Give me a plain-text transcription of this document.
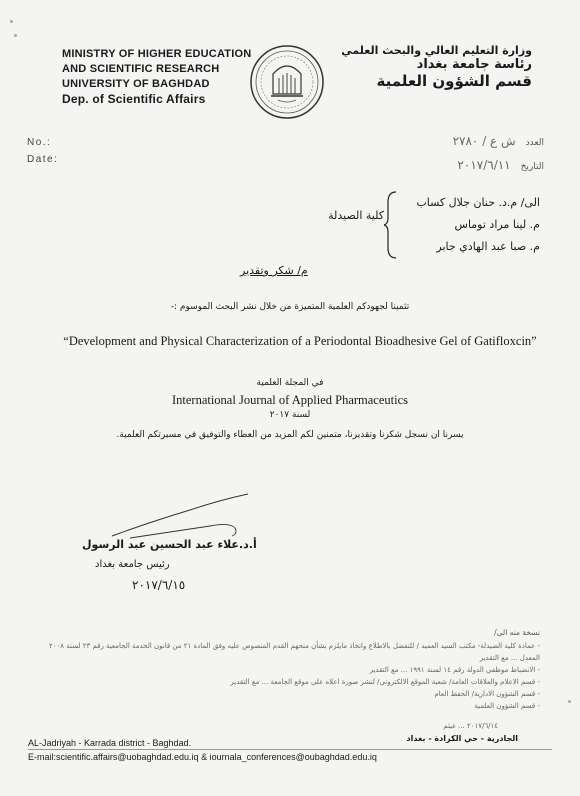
MINISTRY OF HIGHER EDUCATION
AND SCIENTIFIC RESEARCH
UNIVERSITY OF BAGHDAD
Dep. of Scientific Affairs
وزارة التعليم العالي والبحث العلمي
رئاسة جامعة بغداد
قسم الشؤون العلمية
No.:
Date:
العددش ع / ٢٧٨٠
التاريخ٢٠١٧/٦/١١
الى/ م.د. حنان جلال كساب
م. لينا مراد توماس
م. صبا عبد الهادي جابر
كلية الصيدلة
م/ شكر وتقدير
تثمينا لجهودكم العلمية المتميزة من خلال نشر البحث الموسوم :-
“Development and Physical Characterization of a Periodontal Bioadhesive Gel of Gatifloxcin”
في المجلة العلمية
International Journal of Applied Pharmaceutics
لسنة ٢٠١٧
يسرنا ان نسجل شكرنا وتقديرنا، متمنين لكم المزيد من العطاء والتوفيق في مسيرتكم العلمية.
أ.د.علاء عبد الحسين عبد الرسول
رئيس جامعة بغداد
٢٠١٧/٦/١٥
نسخة منه الى/
- عمادة كلية الصيدلة- مكتب السيد العميد / للتفضل بالاطلاع واتخاذ مايلزم بشأن منحهم القدم المنصوص عليه وفق المادة ٢١ من قانون الخدمة الجامعية رقم ٢٣ لسنة ٢٠٠٨ المعدل ... مع التقدير
- الانضباط موظفي الدولة رقم ١٤ لسنة ١٩٩١ ... مع التقدير
- قسم الاعلام والعلاقات العامة/ شعبة الموقع الالكتروني/ لنشر صورة اعلاه على موقع الجامعة ... مع التقدير
- قسم الشؤون الادارية/ الحفظ العام
- قسم الشؤون العلمية
٢٠١٧/٦/١٤ ... غيثم
الجادرية - حي الكرادة - بغداد
AL-Jadriyah - Karrada district - Baghdad.
E-mail:scientific.affairs@uobaghdad.edu.iq & iournala_conferences@oubaghdad.edu.iq
